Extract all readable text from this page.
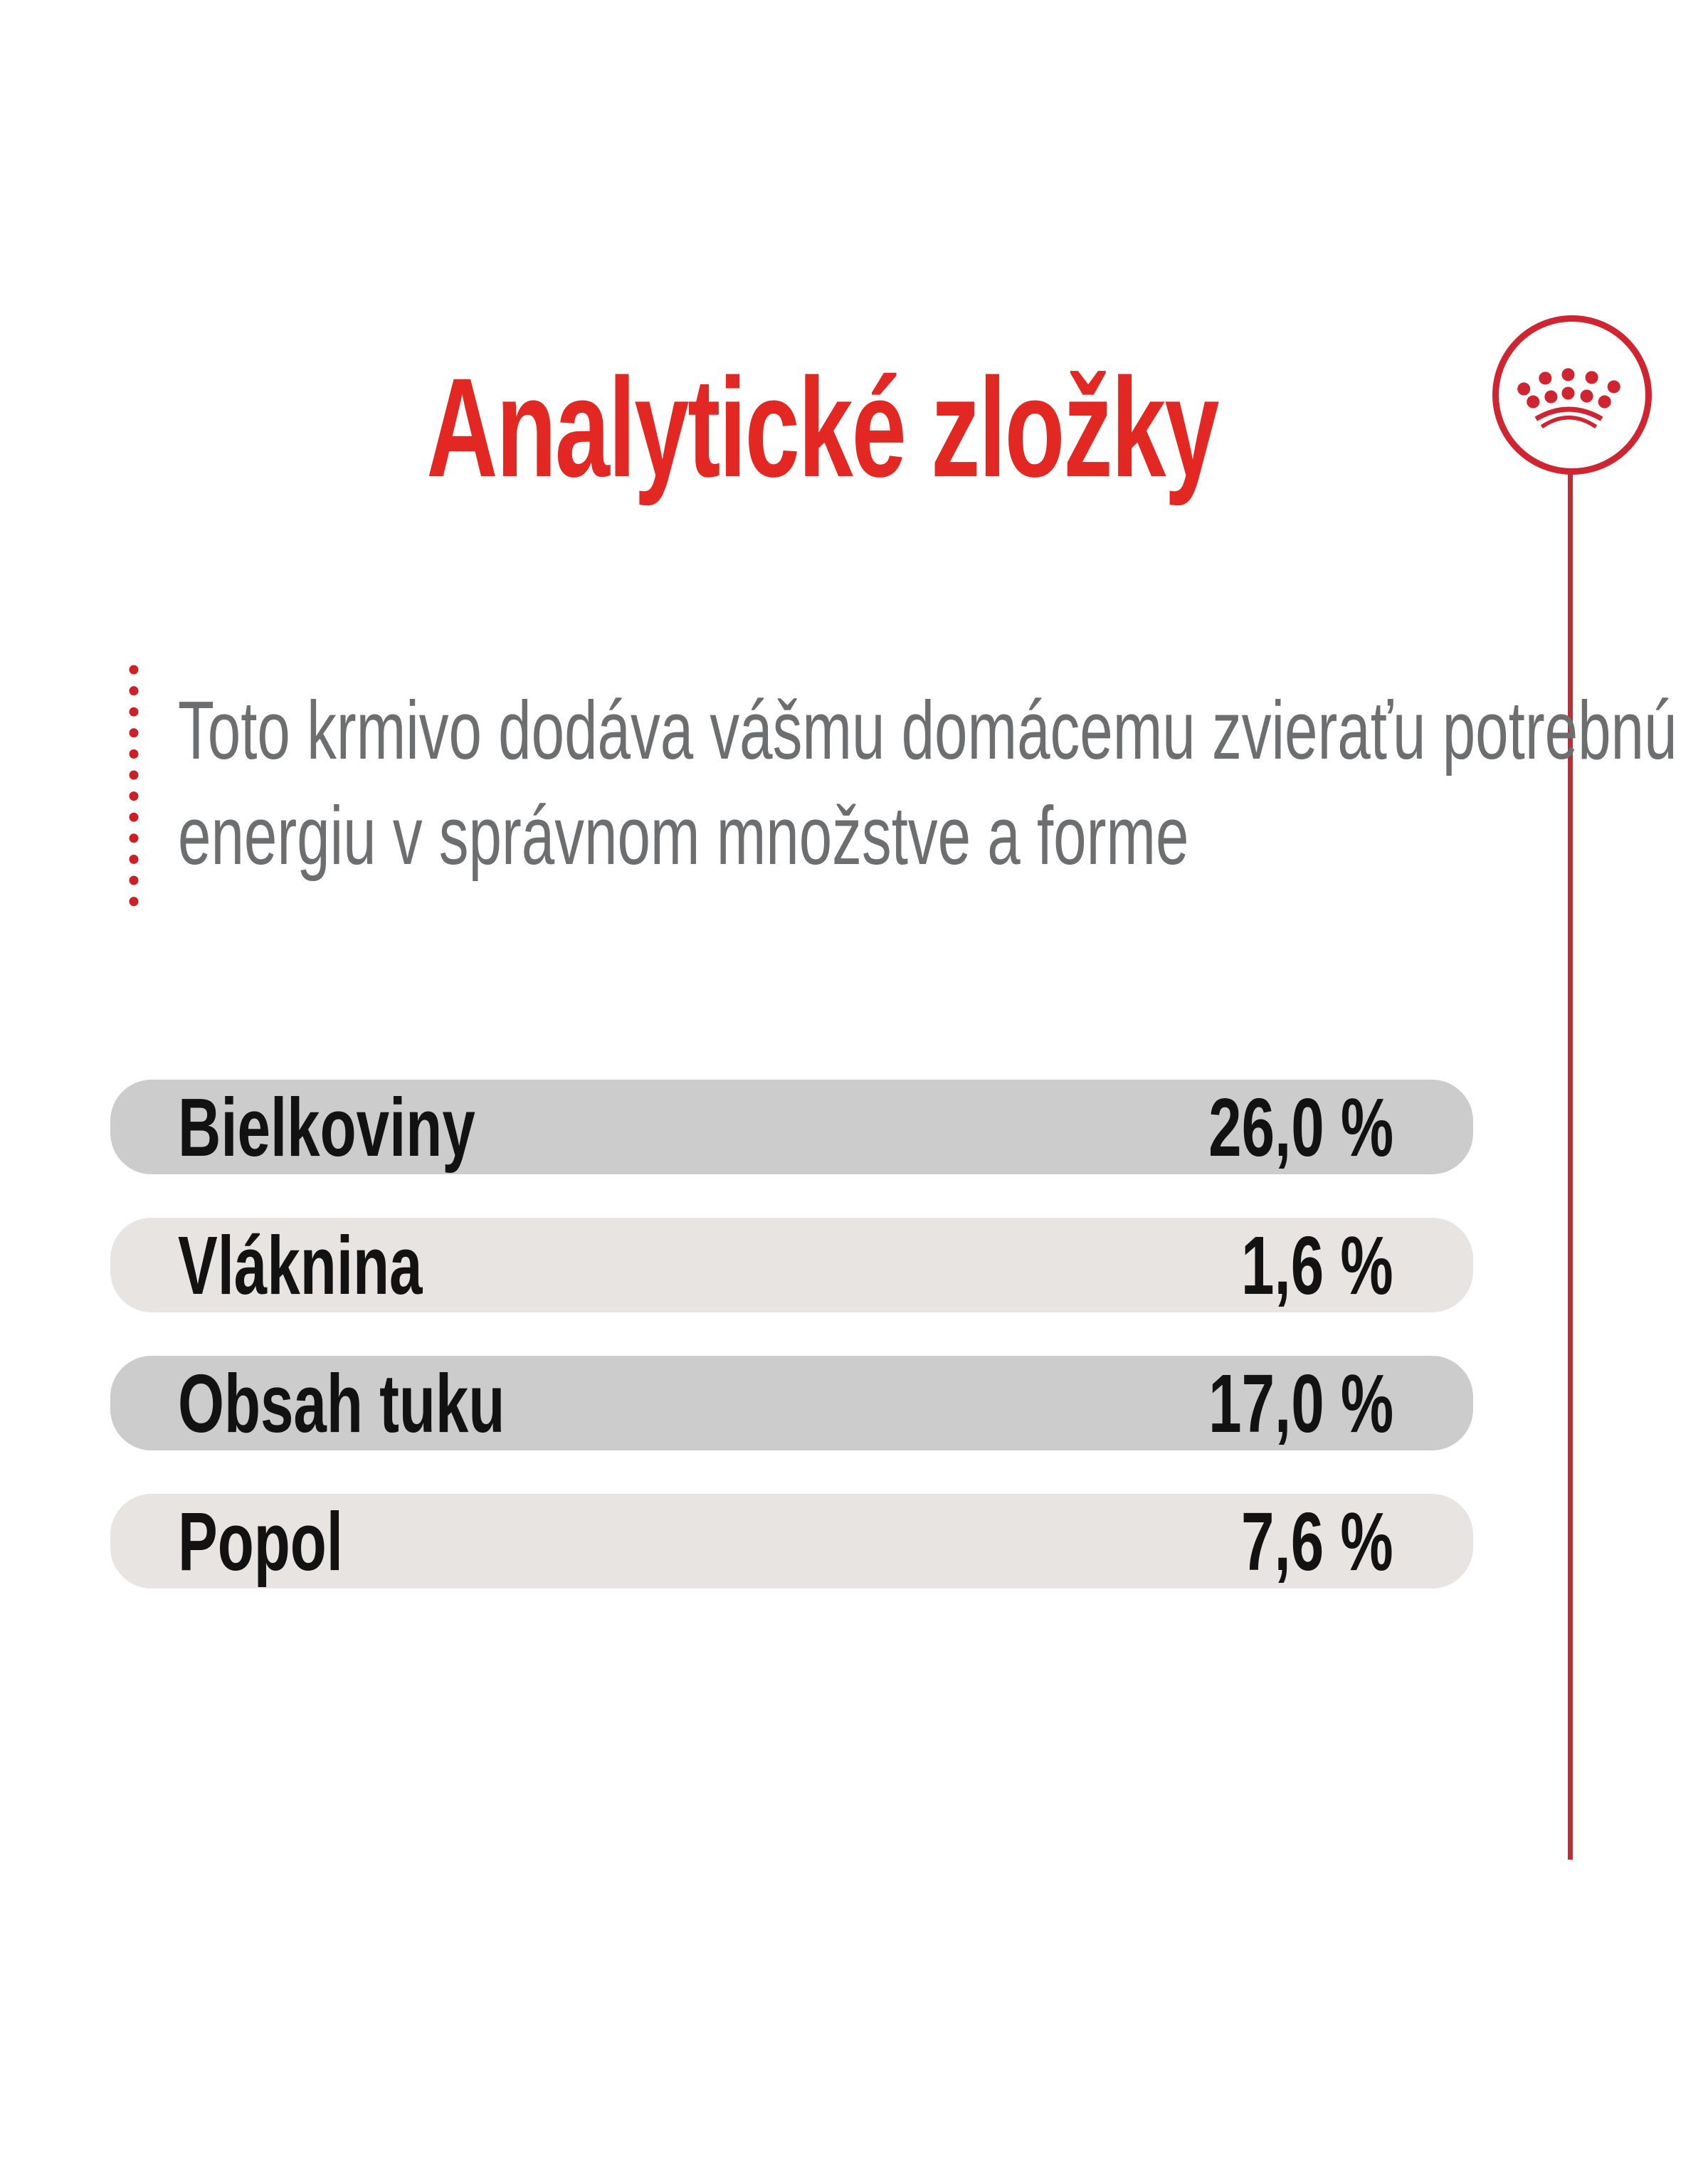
Analytické zložky
Toto krmivo dodáva vášmu domácemu zvieraťu potrebnú
energiu v správnom množstve a forme
Bielkoviny	26,0 %
Vláknina	1,6 %
Obsah tuku	17,0 %
Popol	7,6 %
